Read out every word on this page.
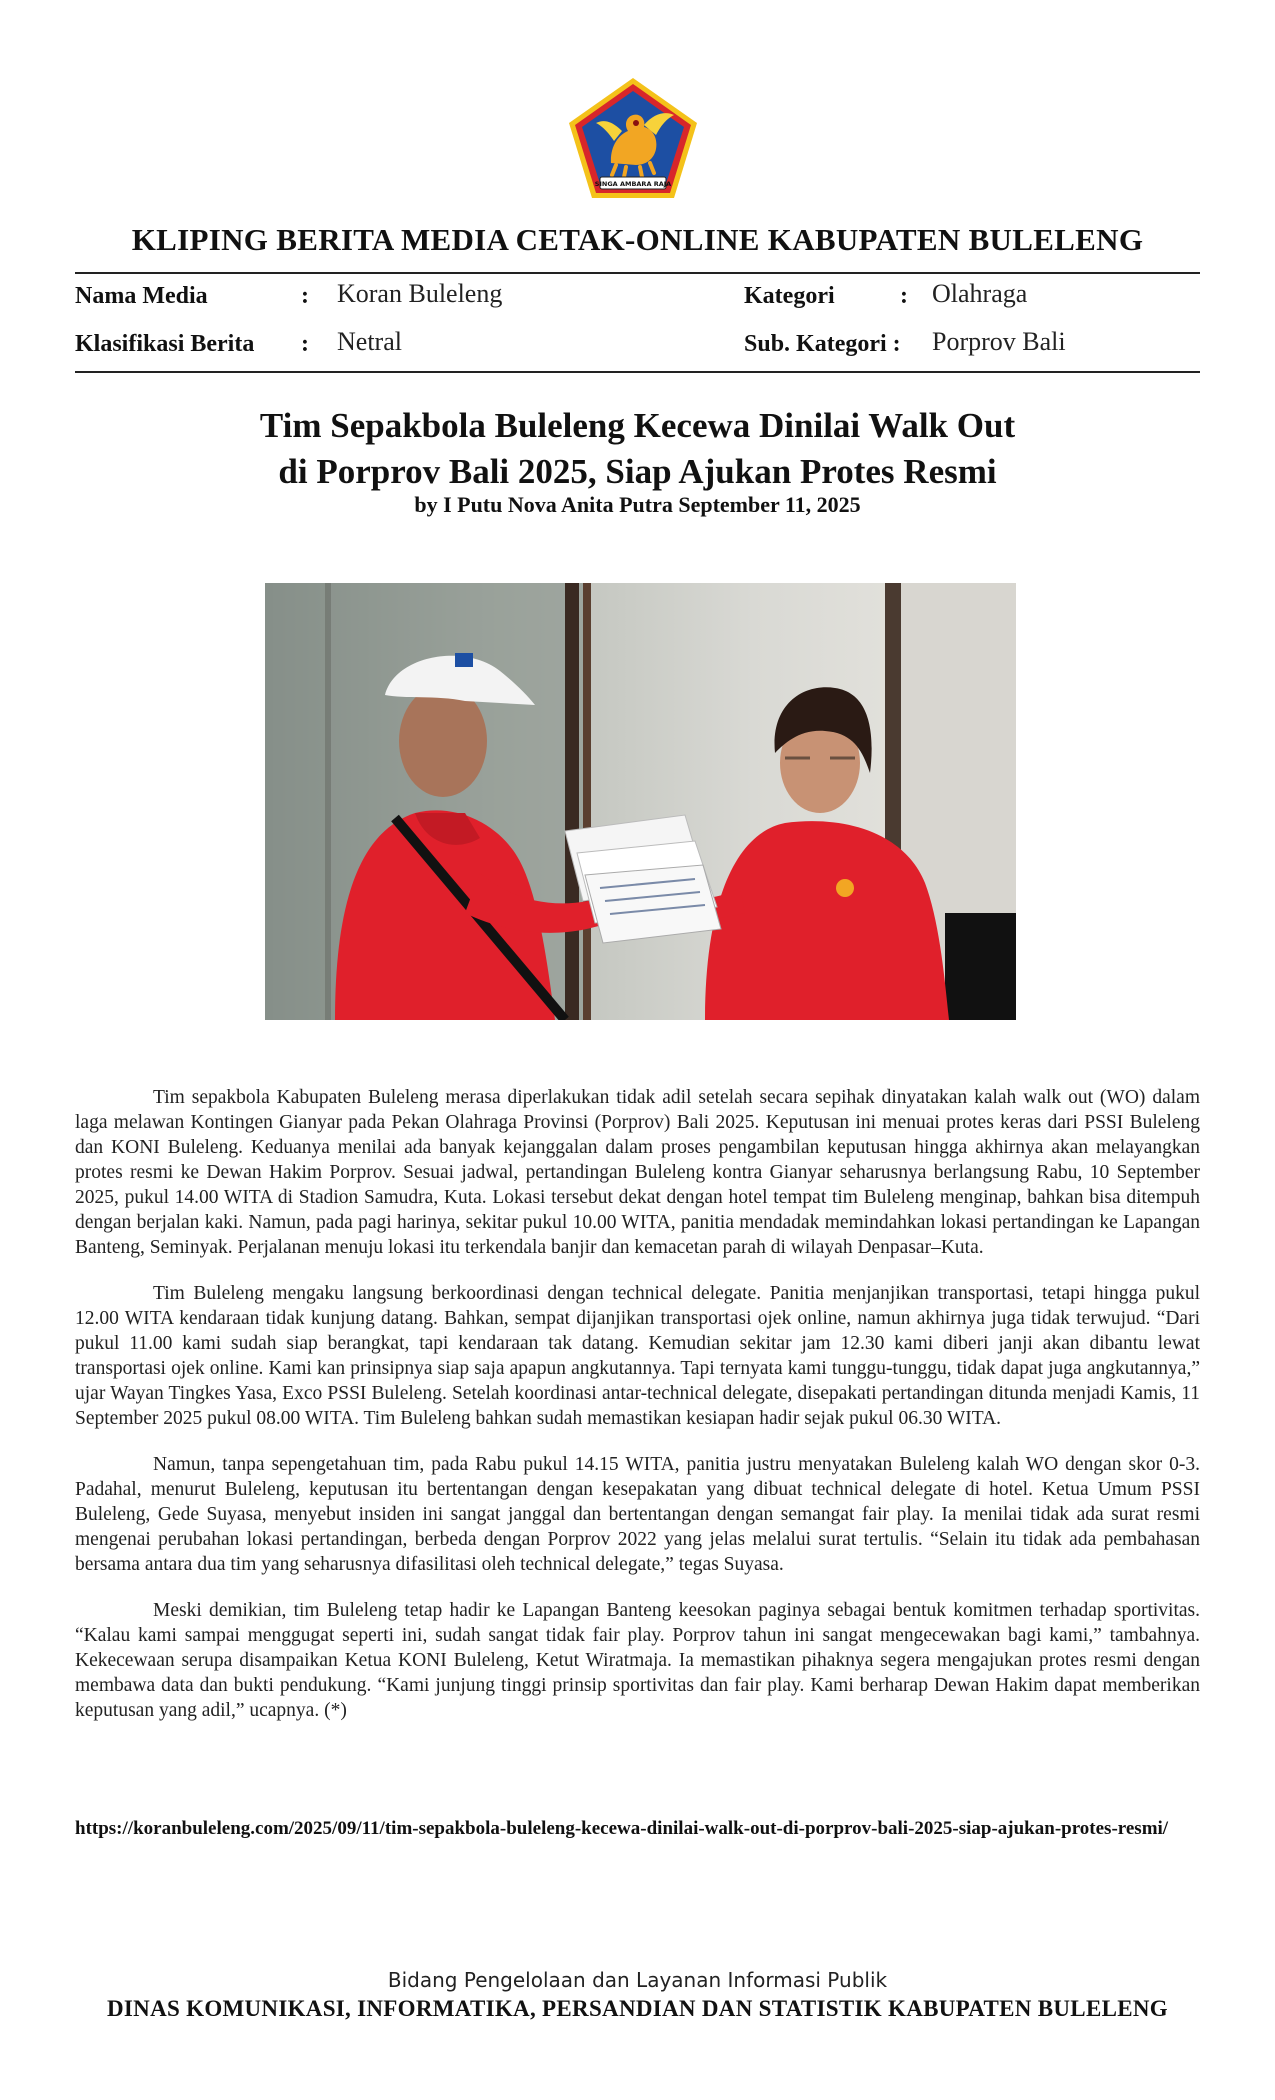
SINGA AMBARA RAJA
KLIPING BERITA MEDIA CETAK-ONLINE KABUPATEN BULELENG
Nama Media	: Koran Buleleng	Kategori	: Olahraga
Klasifikasi Berita : Netral	Sub. Kategori : Porprov Bali
Tim Sepakbola Buleleng Kecewa Dinilai Walk Out
di Porprov Bali 2025, Siap Ajukan Protes Resmi
by I Putu Nova Anita Putra September 11, 2025

Tim sepakbola Kabupaten Buleleng merasa diperlakukan tidak adil setelah secara sepihak dinyatakan kalah walk out (WO) dalam laga melawan Kontingen Gianyar pada Pekan Olahraga Provinsi (Porprov) Bali 2025. Keputusan ini menuai protes keras dari PSSI Buleleng dan KONI Buleleng. Keduanya menilai ada banyak kejanggalan dalam proses pengambilan keputusan hingga akhirnya akan melayangkan protes resmi ke Dewan Hakim Porprov. Sesuai jadwal, pertandingan Buleleng kontra Gianyar seharusnya berlangsung Rabu, 10 September 2025, pukul 14.00 WITA di Stadion Samudra, Kuta. Lokasi tersebut dekat dengan hotel tempat tim Buleleng menginap, bahkan bisa ditempuh dengan berjalan kaki. Namun, pada pagi harinya, sekitar pukul 10.00 WITA, panitia mendadak memindahkan lokasi pertandingan ke Lapangan Banteng, Seminyak. Perjalanan menuju lokasi itu terkendala banjir dan kemacetan parah di wilayah Denpasar–Kuta.

Tim Buleleng mengaku langsung berkoordinasi dengan technical delegate. Panitia menjanjikan transportasi, tetapi hingga pukul 12.00 WITA kendaraan tidak kunjung datang. Bahkan, sempat dijanjikan transportasi ojek online, namun akhirnya juga tidak terwujud. “Dari pukul 11.00 kami sudah siap berangkat, tapi kendaraan tak datang. Kemudian sekitar jam 12.30 kami diberi janji akan dibantu lewat transportasi ojek online. Kami kan prinsipnya siap saja apapun angkutannya. Tapi ternyata kami tunggu-tunggu, tidak dapat juga angkutannya,” ujar Wayan Tingkes Yasa, Exco PSSI Buleleng. Setelah koordinasi antar-technical delegate, disepakati pertandingan ditunda menjadi Kamis, 11 September 2025 pukul 08.00 WITA. Tim Buleleng bahkan sudah memastikan kesiapan hadir sejak pukul 06.30 WITA.

Namun, tanpa sepengetahuan tim, pada Rabu pukul 14.15 WITA, panitia justru menyatakan Buleleng kalah WO dengan skor 0-3. Padahal, menurut Buleleng, keputusan itu bertentangan dengan kesepakatan yang dibuat technical delegate di hotel. Ketua Umum PSSI Buleleng, Gede Suyasa, menyebut insiden ini sangat janggal dan bertentangan dengan semangat fair play. Ia menilai tidak ada surat resmi mengenai perubahan lokasi pertandingan, berbeda dengan Porprov 2022 yang jelas melalui surat tertulis. “Selain itu tidak ada pembahasan bersama antara dua tim yang seharusnya difasilitasi oleh technical delegate,” tegas Suyasa.

Meski demikian, tim Buleleng tetap hadir ke Lapangan Banteng keesokan paginya sebagai bentuk komitmen terhadap sportivitas. “Kalau kami sampai menggugat seperti ini, sudah sangat tidak fair play. Porprov tahun ini sangat mengecewakan bagi kami,” tambahnya. Kekecewaan serupa disampaikan Ketua KONI Buleleng, Ketut Wiratmaja. Ia memastikan pihaknya segera mengajukan protes resmi dengan membawa data dan bukti pendukung. “Kami junjung tinggi prinsip sportivitas dan fair play. Kami berharap Dewan Hakim dapat memberikan keputusan yang adil,” ucapnya. (*)

https://koranbuleleng.com/2025/09/11/tim-sepakbola-buleleng-kecewa-dinilai-walk-out-di-porprov-bali-2025-siap-ajukan-protes-resmi/
Bidang Pengelolaan dan Layanan Informasi Publik
DINAS KOMUNIKASI, INFORMATIKA, PERSANDIAN DAN STATISTIK KABUPATEN BULELENG
